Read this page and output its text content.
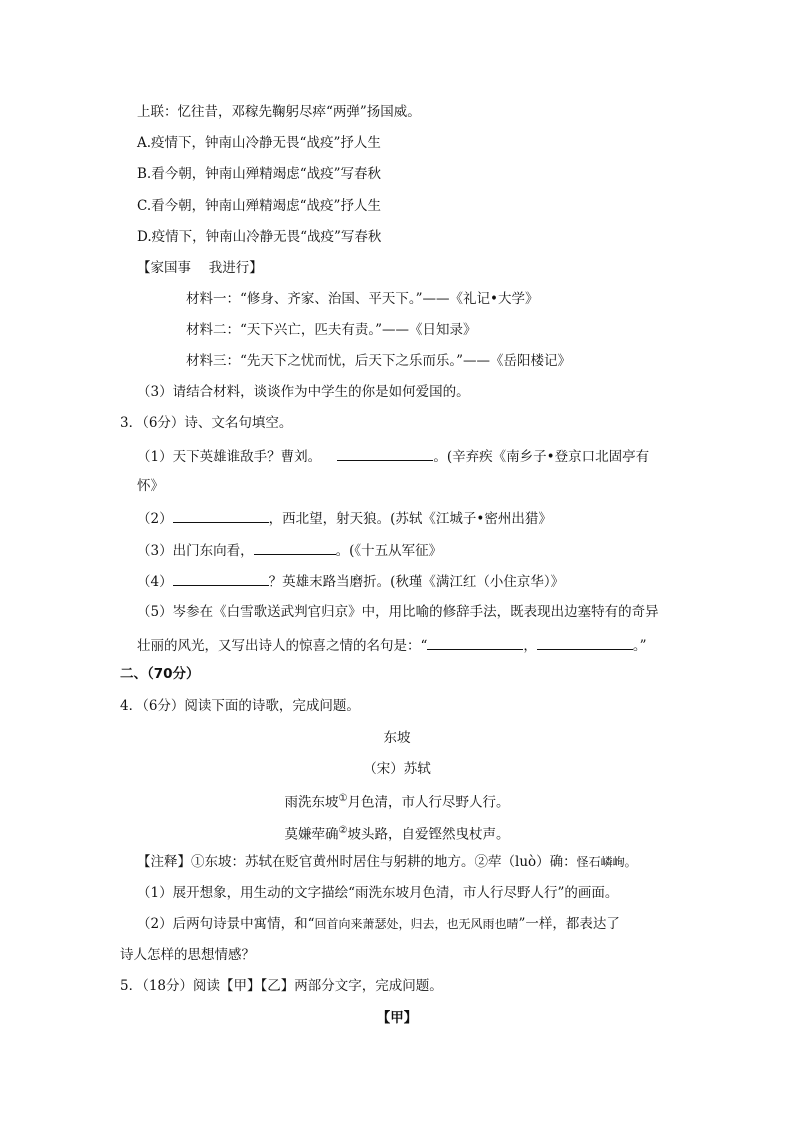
上联：忆往昔，邓稼先鞠躬尽瘁“两弹”扬国威。
A.疫情下，钟南山冷静无畏“战疫”抒人生
B.看今朝，钟南山殚精竭虑“战疫”写春秋
C.看今朝，钟南山殚精竭虑“战疫”抒人生
D.疫情下，钟南山冷静无畏“战疫”写春秋
【家国事　 我进行】
材料一：“修身、齐家、治国、平天下。”——《礼记•大学》
材料二：“天下兴亡，匹夫有责。”——《日知录》
材料三：“先天下之忧而忧，后天下之乐而乐。”——《岳阳楼记》
（3）请结合材料，谈谈作为中学生的你是如何爱国的。
3．（6分）诗、文名句填空。
（1）天下英雄谁敌手？曹刘。	。(辛弃疾《南乡子•登京口北固亭有
怀》
（2）	，西北望，射天狼。(苏轼《江城子•密州出猎》
（3）出门东向看，	。(《十五从军征》
（4）	？英雄末路当磨折。(秋瑾《满江红（小住京华）》
（5）岑参在《白雪歌送武判官归京》中，用比喻的修辞手法，既表现出边塞特有的奇异
壮丽的风光，又写出诗人的惊喜之情的名句是：“	，	。”
二、（70分）
4．（6分）阅读下面的诗歌，完成问题。
东坡
（宋）苏轼
雨洗东坡①月色清，市人行尽野人行。
莫嫌荦确②坡头路，自爱铿然曳杖声。
【注释】①东坡：苏轼在贬官黄州时居住与躬耕的地方。②荦（luò）确：怪石嶙峋。
（1）展开想象，用生动的文字描绘“雨洗东坡月色清，市人行尽野人行”的画面。
（2）后两句诗景中寓情，和“回首向来萧瑟处，归去，也无风雨也晴”一样，都表达了
诗人怎样的思想情感？
5．（18分）阅读【甲】【乙】两部分文字，完成问题。
【甲】
